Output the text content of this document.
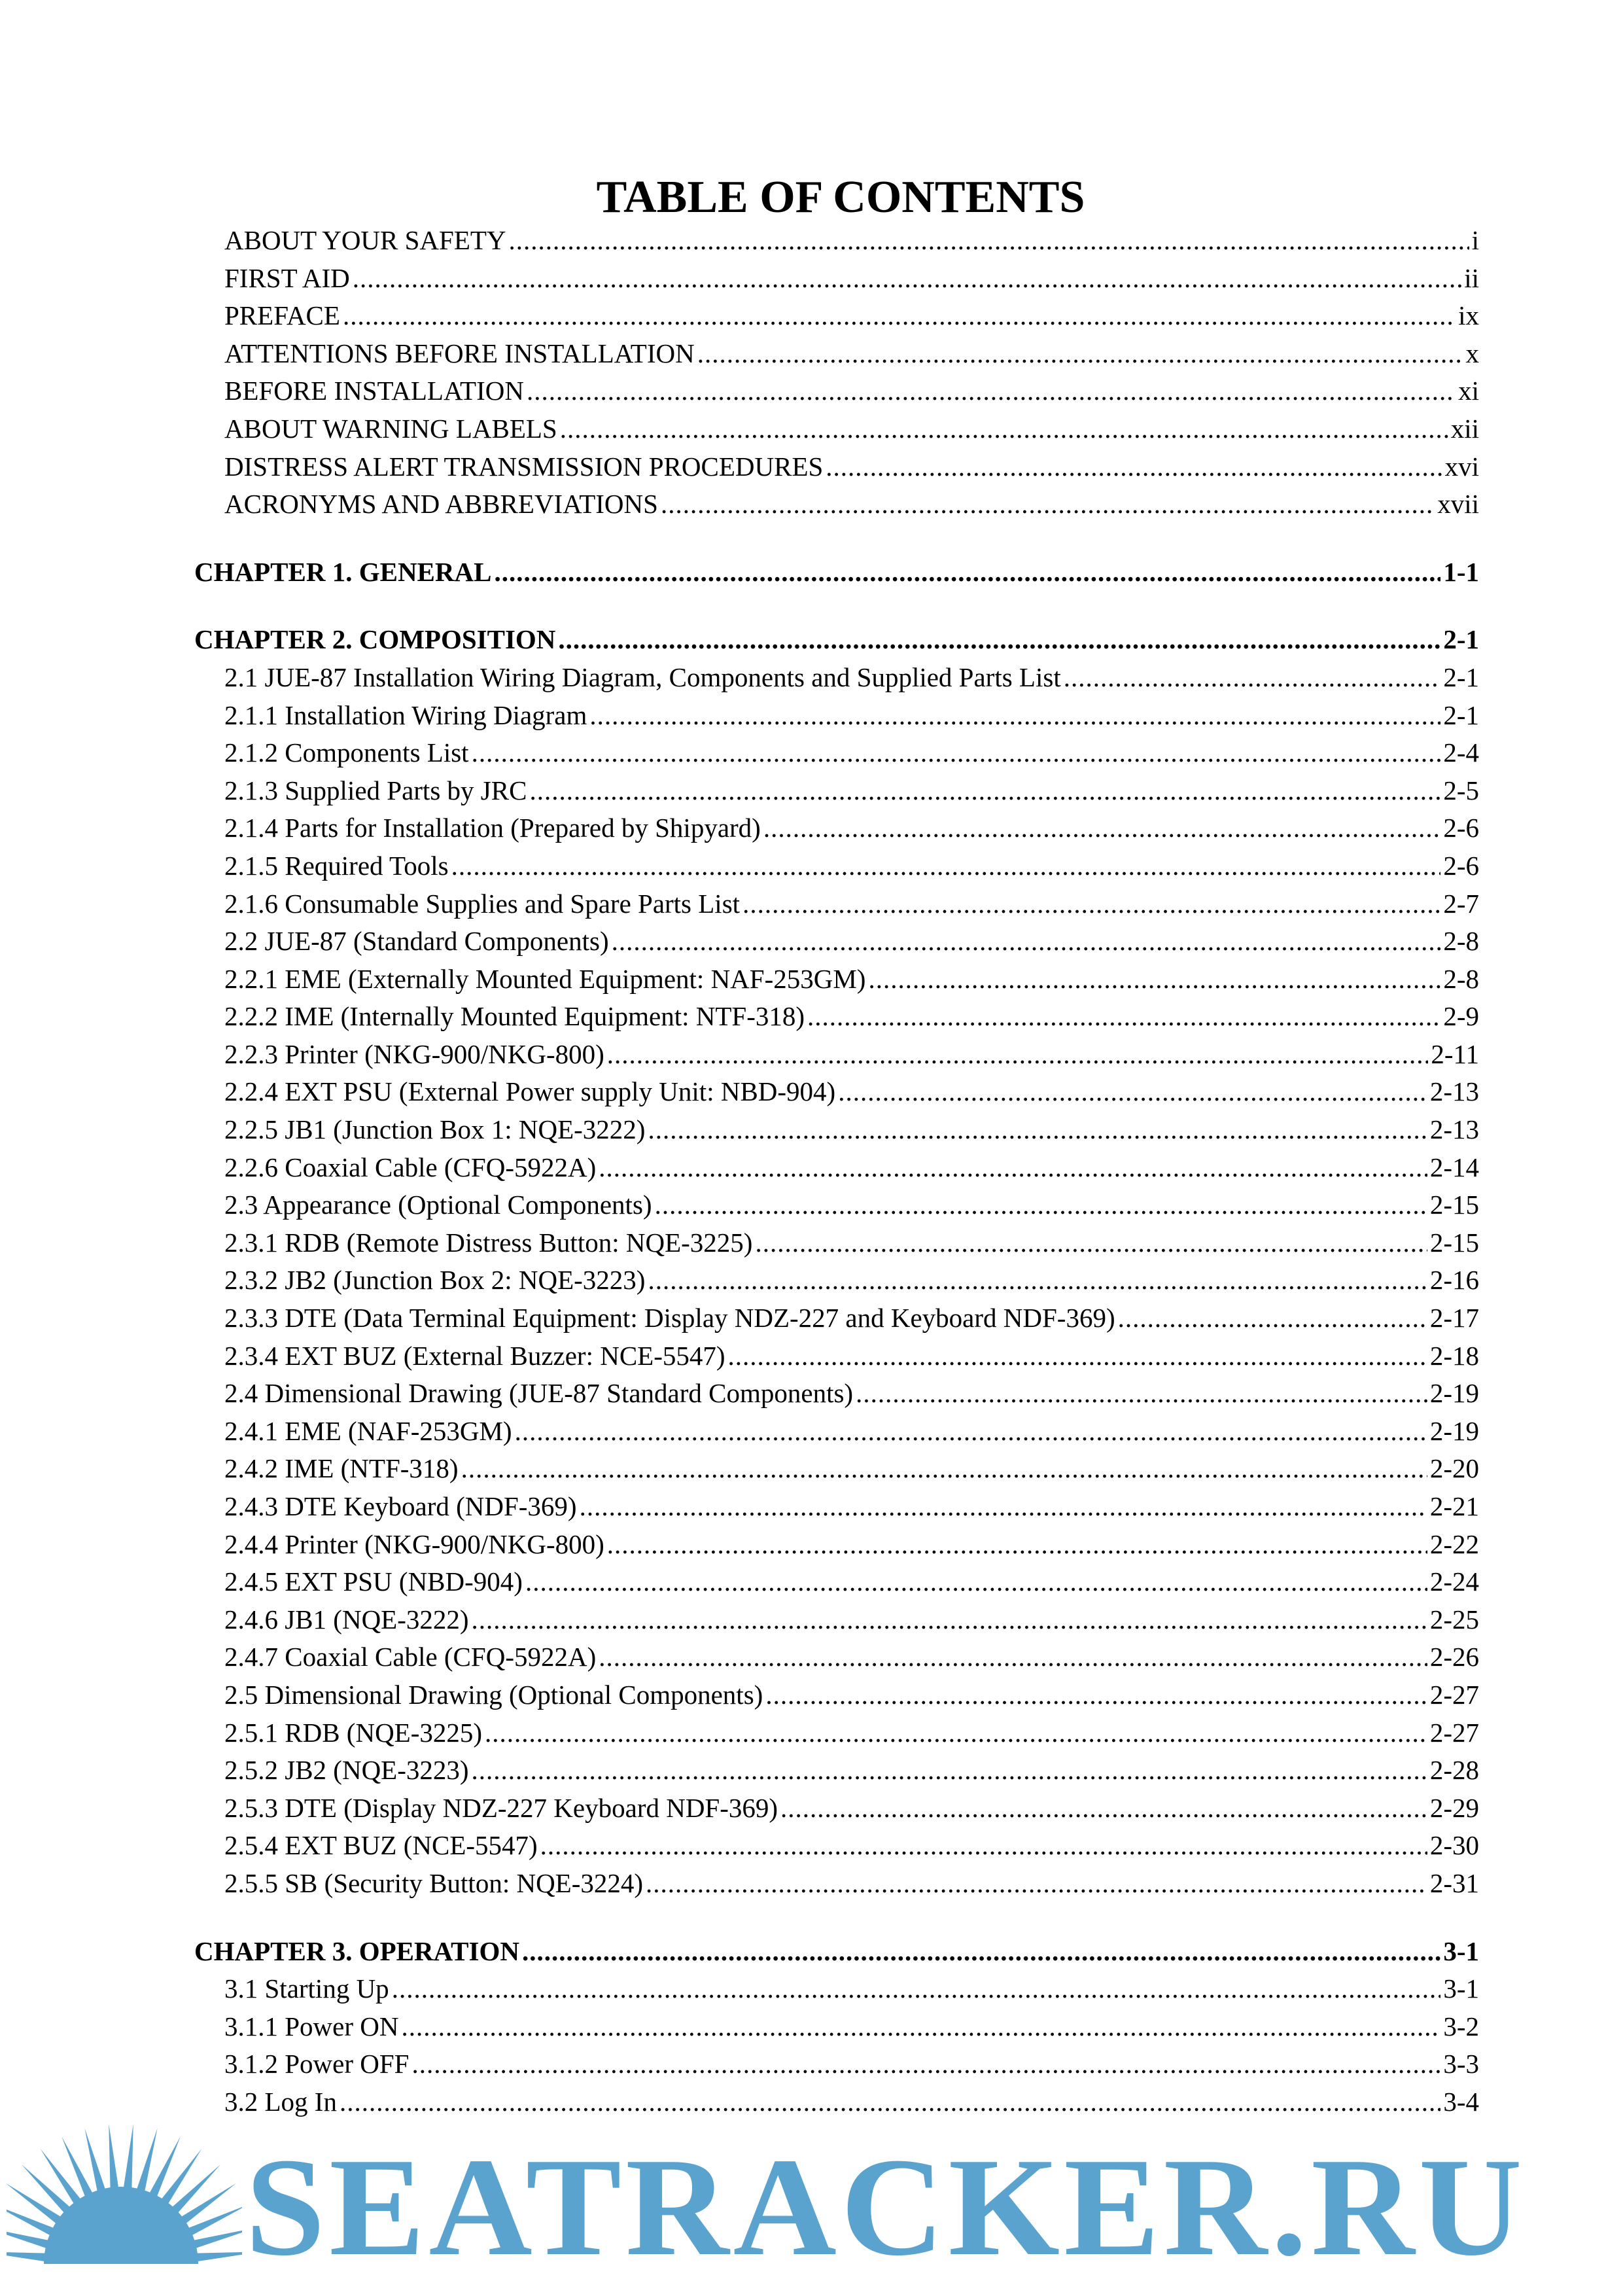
TABLE OF CONTENTS
ABOUT YOUR SAFETY .....	i
FIRST AID .....	ii
PREFACE .....	ix
ATTENTIONS BEFORE INSTALLATION .....	x
BEFORE INSTALLATION .....	xi
ABOUT WARNING LABELS .....	xii
DISTRESS ALERT TRANSMISSION PROCEDURES .....	xvi
ACRONYMS AND ABBREVIATIONS .....	xvii
CHAPTER 1. GENERAL .....	1-1
CHAPTER 2. COMPOSITION .....	2-1
2.1 JUE-87 Installation Wiring Diagram, Components and Supplied Parts List .....	2-1
2.1.1 Installation Wiring Diagram .....	2-1
2.1.2 Components List .....	2-4
2.1.3 Supplied Parts by JRC .....	2-5
2.1.4 Parts for Installation (Prepared by Shipyard) .....	2-6
2.1.5 Required Tools .....	2-6
2.1.6 Consumable Supplies and Spare Parts List .....	2-7
2.2 JUE-87 (Standard Components) .....	2-8
2.2.1 EME (Externally Mounted Equipment: NAF-253GM) .....	2-8
2.2.2 IME (Internally Mounted Equipment: NTF-318) .....	2-9
2.2.3 Printer (NKG-900/NKG-800) .....	2-11
2.2.4 EXT PSU (External Power supply Unit: NBD-904) .....	2-13
2.2.5 JB1 (Junction Box 1: NQE-3222) .....	2-13
2.2.6 Coaxial Cable (CFQ-5922A) .....	2-14
2.3 Appearance (Optional Components) .....	2-15
2.3.1 RDB (Remote Distress Button: NQE-3225) .....	2-15
2.3.2 JB2 (Junction Box 2: NQE-3223) .....	2-16
2.3.3 DTE (Data Terminal Equipment: Display NDZ-227 and Keyboard NDF-369) .....	2-17
2.3.4 EXT BUZ (External Buzzer: NCE-5547) .....	2-18
2.4 Dimensional Drawing (JUE-87 Standard Components) .....	2-19
2.4.1 EME (NAF-253GM) .....	2-19
2.4.2 IME (NTF-318) .....	2-20
2.4.3 DTE Keyboard (NDF-369) .....	2-21
2.4.4 Printer (NKG-900/NKG-800) .....	2-22
2.4.5 EXT PSU (NBD-904) .....	2-24
2.4.6 JB1 (NQE-3222) .....	2-25
2.4.7 Coaxial Cable (CFQ-5922A) .....	2-26
2.5 Dimensional Drawing (Optional Components) .....	2-27
2.5.1 RDB (NQE-3225) .....	2-27
2.5.2 JB2 (NQE-3223) .....	2-28
2.5.3 DTE (Display NDZ-227 Keyboard NDF-369) .....	2-29
2.5.4 EXT BUZ (NCE-5547) .....	2-30
2.5.5 SB (Security Button: NQE-3224) .....	2-31
CHAPTER 3. OPERATION .....	3-1
3.1 Starting Up .....	3-1
3.1.1 Power ON .....	3-2
3.1.2 Power OFF .....	3-3
3.2 Log In .....	3-4
SEATRACKER.RU
